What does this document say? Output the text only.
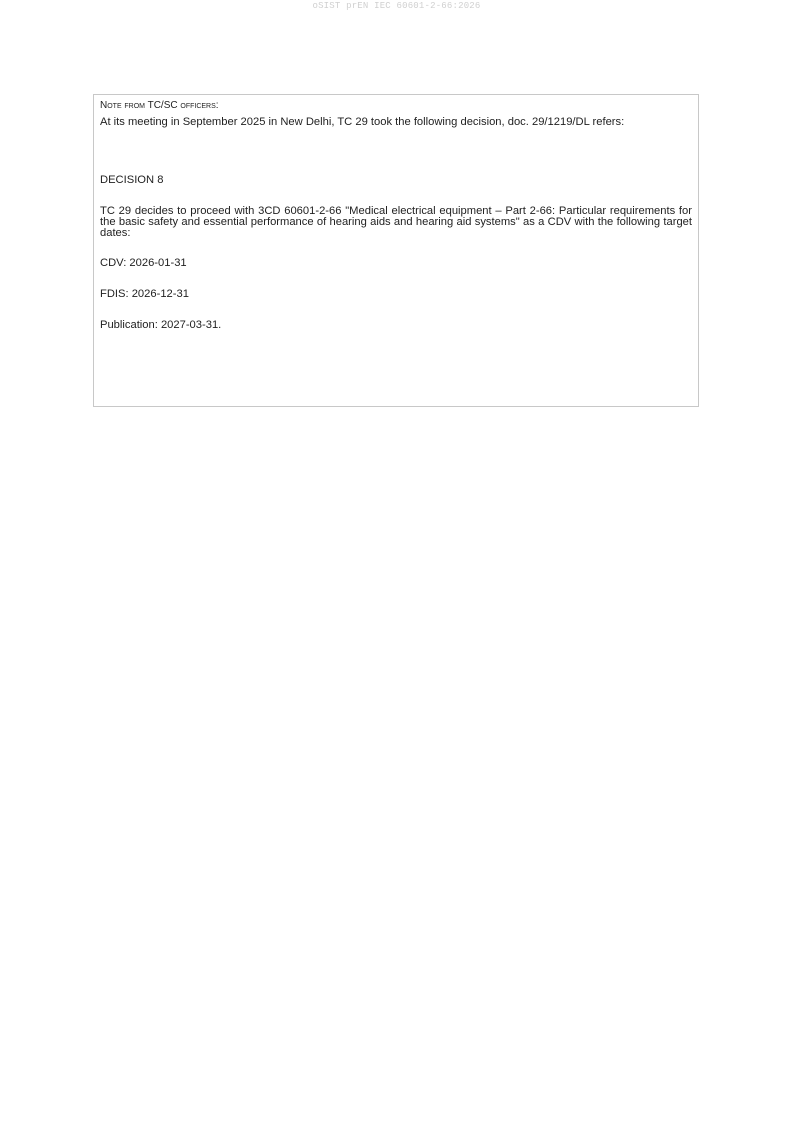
oSIST prEN IEC 60601-2-66:2026
Note from TC/SC officers:

At its meeting in September 2025 in New Delhi, TC 29 took the following decision, doc. 29/1219/DL refers:

DECISION 8

TC 29 decides to proceed with 3CD 60601-2-66 "Medical electrical equipment – Part 2-66: Particular requirements for the basic safety and essential performance of hearing aids and hearing aid systems" as a CDV with the following target dates:

CDV: 2026-01-31

FDIS: 2026-12-31

Publication: 2027-03-31.
